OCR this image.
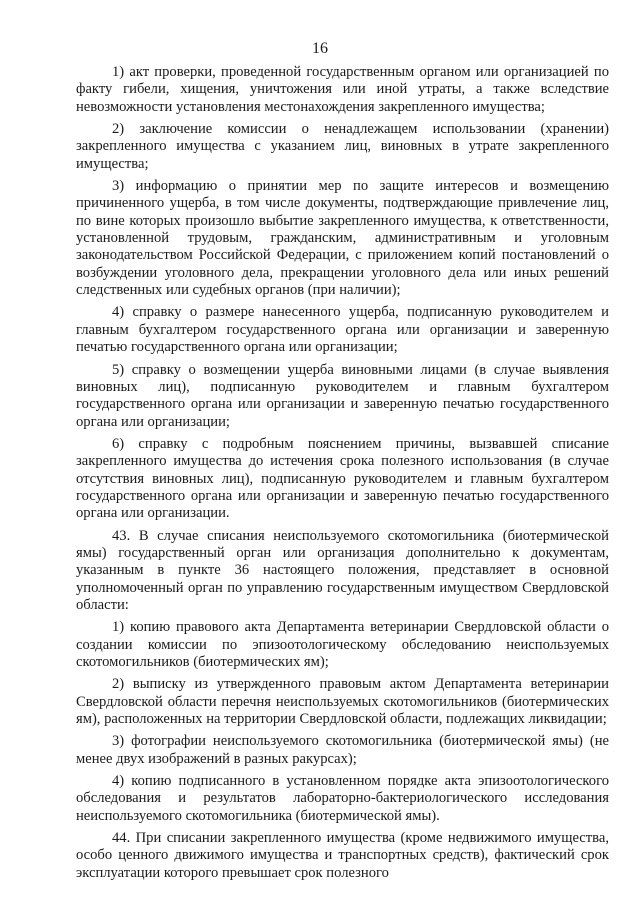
16

1) акт проверки, проведенной государственным органом или организацией по факту гибели, хищения, уничтожения или иной утраты, а также вследствие невозможности установления местонахождения закрепленного имущества;

2) заключение комиссии о ненадлежащем использовании (хранении) закрепленного имущества с указанием лиц, виновных в утрате закрепленного имущества;

3) информацию о принятии мер по защите интересов и возмещению причиненного ущерба, в том числе документы, подтверждающие привлечение лиц, по вине которых произошло выбытие закрепленного имущества, к ответственности, установленной трудовым, гражданским, административным и уголовным законодательством Российской Федерации, с приложением копий постановлений о возбуждении уголовного дела, прекращении уголовного дела или иных решений следственных или судебных органов (при наличии);

4) справку о размере нанесенного ущерба, подписанную руководителем и главным бухгалтером государственного органа или организации и заверенную печатью государственного органа или организации;

5) справку о возмещении ущерба виновными лицами (в случае выявления виновных лиц), подписанную руководителем и главным бухгалтером государственного органа или организации и заверенную печатью государственного органа или организации;

6) справку с подробным пояснением причины, вызвавшей списание закрепленного имущества до истечения срока полезного использования (в случае отсутствия виновных лиц), подписанную руководителем и главным бухгалтером государственного органа или организации и заверенную печатью государственного органа или организации.

43. В случае списания неиспользуемого скотомогильника (биотермической ямы) государственный орган или организация дополнительно к документам, указанным в пункте 36 настоящего положения, представляет в основной уполномоченный орган по управлению государственным имуществом Свердловской области:

1) копию правового акта Департамента ветеринарии Свердловской области о создании комиссии по эпизоотологическому обследованию неиспользуемых скотомогильников (биотермических ям);

2) выписку из утвержденного правовым актом Департамента ветеринарии Свердловской области перечня неиспользуемых скотомогильников (биотермических ям), расположенных на территории Свердловской области, подлежащих ликвидации;

3) фотографии неиспользуемого скотомогильника (биотермической ямы) (не менее двух изображений в разных ракурсах);

4) копию подписанного в установленном порядке акта эпизоотологического обследования и результатов лабораторно-бактериологического исследования неиспользуемого скотомогильника (биотермической ямы).

44. При списании закрепленного имущества (кроме недвижимого имущества, особо ценного движимого имущества и транспортных средств), фактический срок эксплуатации которого превышает срок полезного
